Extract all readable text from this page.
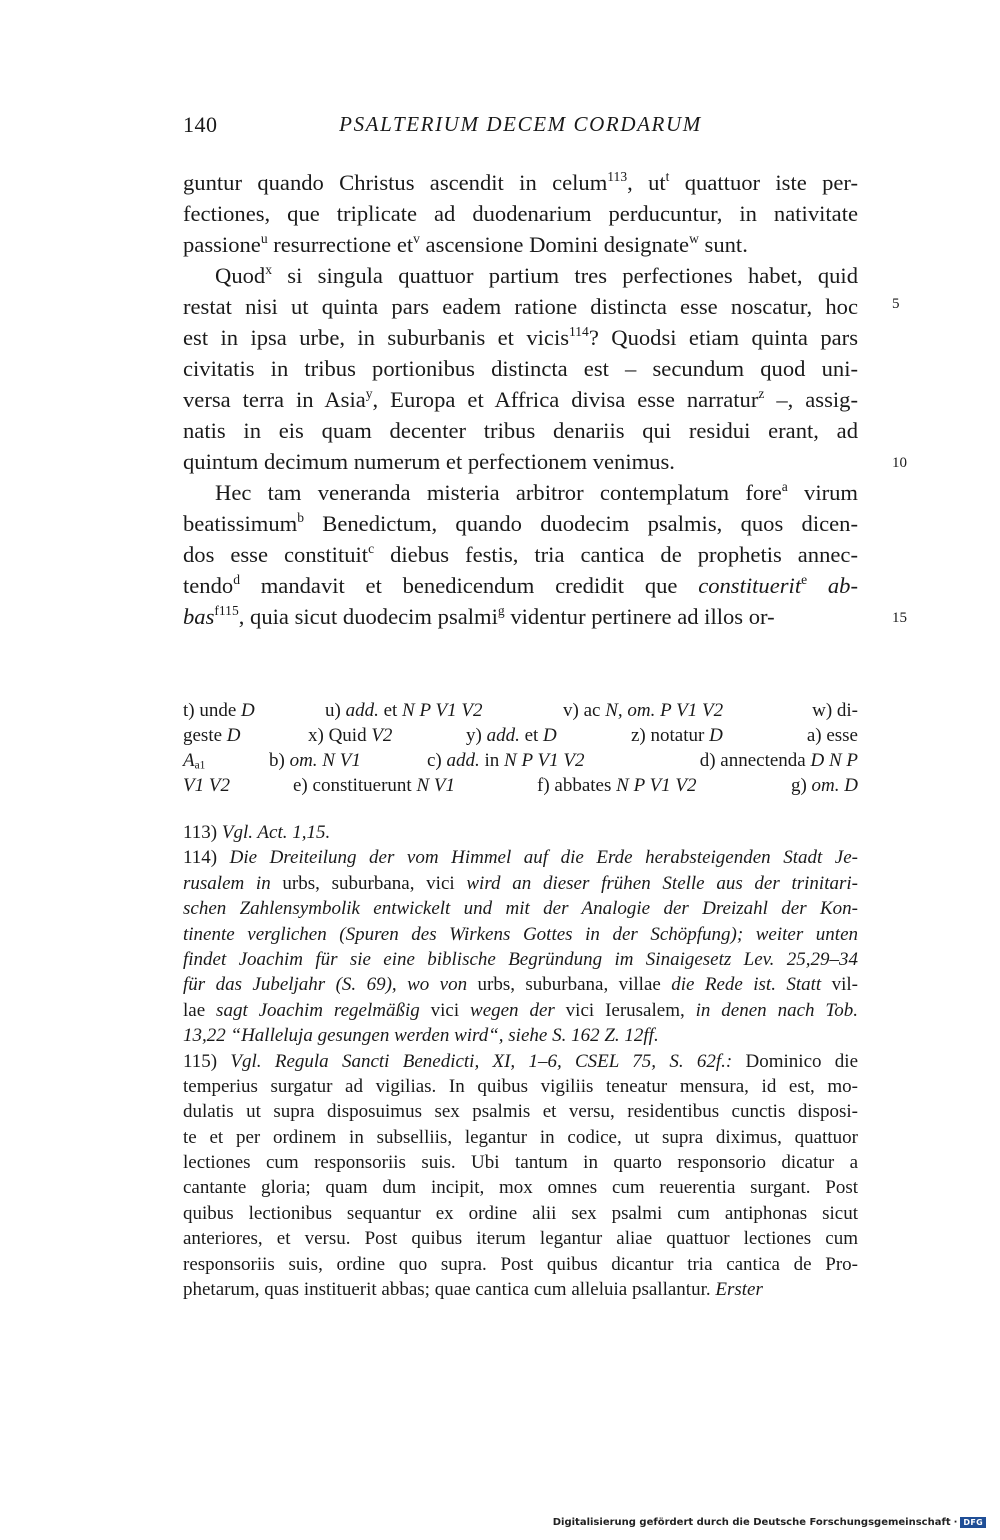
140	PSALTERIUM DECEM CORDARUM
guntur quando Christus ascendit in celum$^{113}$, $ut^t$ quattuor iste per-
fectiones, que triplicate ad duodenarium perducuntur, in nativitate
passione$^u$ resurrectione $et^v$ ascensione Domini designate$^w$ sunt.
Quod$^x$ si singula quattuor partium tres perfectiones habet, quid
restat nisi ut quinta pars eadem ratione distincta esse noscatur, hoc
est in ipsa urbe, in suburbanis et vicis$^{114}$? Quodsi etiam quinta pars
civitatis in tribus portionibus distincta est – secundum quod uni-
versa terra in Asia$^y$, Europa et Affrica divisa esse narratur$^z$ –, assig-
natis in eis quam decenter tribus denariis qui residui erant, ad
quintum decimum numerum et perfectionem venimus.
Hec tam veneranda misteria arbitror contemplatum fore$^a$ virum
beatissimum$^b$ Benedictum, quando duodecim psalmis, quos dicen-
dos esse constituit$^c$ diebus festis, tria cantica de prophetis annec-
tendo$^d$ mandavit et benedicendum credidit que constituerit$^e$ ab-
bas$^{f115}$, quia sicut duodecim psalmi$^g$ videntur pertinere ad illos or-
5
10
15
t) unde D	u) add. et N P V1 V2	v) ac N, om. P V1 V2	w) di-
geste D	x) Quid V2	y) add. et D	z) notatur D	a) esse
$A_{a1}$	b) om. N V1	c) add. in N P V1 V2	d) annectenda D N P
V1 V2	e) constituerunt N V1	f) abbates N P V1 V2	g) om. D
113) Vgl. Act. 1,15.
114) Die Dreiteilung der vom Himmel auf die Erde herabsteigenden Stadt Je-
rusalem in urbs, suburbana, vici wird an dieser frühen Stelle aus der trinitari-
schen Zahlensymbolik entwickelt und mit der Analogie der Dreizahl der Kon-
tinente verglichen (Spuren des Wirkens Gottes in der Schöpfung); weiter unten
findet Joachim für sie eine biblische Begründung im Sinaigesetz Lev. 25,29–34
für das Jubeljahr (S. 69), wo von urbs, suburbana, villae die Rede ist. Statt vil-
lae sagt Joachim regelmäßig vici wegen der vici Ierusalem, in denen nach Tob.
13,22 “Halleluja gesungen werden wird“, siehe S. 162 Z. 12ff.
115) Vgl. Regula Sancti Benedicti, XI, 1–6, CSEL 75, S. 62f.: Dominico die
temperius surgatur ad vigilias. In quibus vigiliis teneatur mensura, id est, mo-
dulatis ut supra disposuimus sex psalmis et versu, residentibus cunctis disposi-
te et per ordinem in subselliis, legantur in codice, ut supra diximus, quattuor
lectiones cum responsoriis suis. Ubi tantum in quarto responsorio dicatur a
cantante gloria; quam dum incipit, mox omnes cum reuerentia surgant. Post
quibus lectionibus sequantur ex ordine alii sex psalmi cum antiphonas sicut
anteriores, et versu. Post quibus iterum legantur aliae quattuor lectiones cum
responsoriis suis, ordine quo supra. Post quibus dicantur tria cantica de Pro-
phetarum, quas instituerit abbas; quae cantica cum alleluia psallantur. Erster
Digitalisierung gefördert durch die Deutsche Forschungsgemeinschaft · DFG
